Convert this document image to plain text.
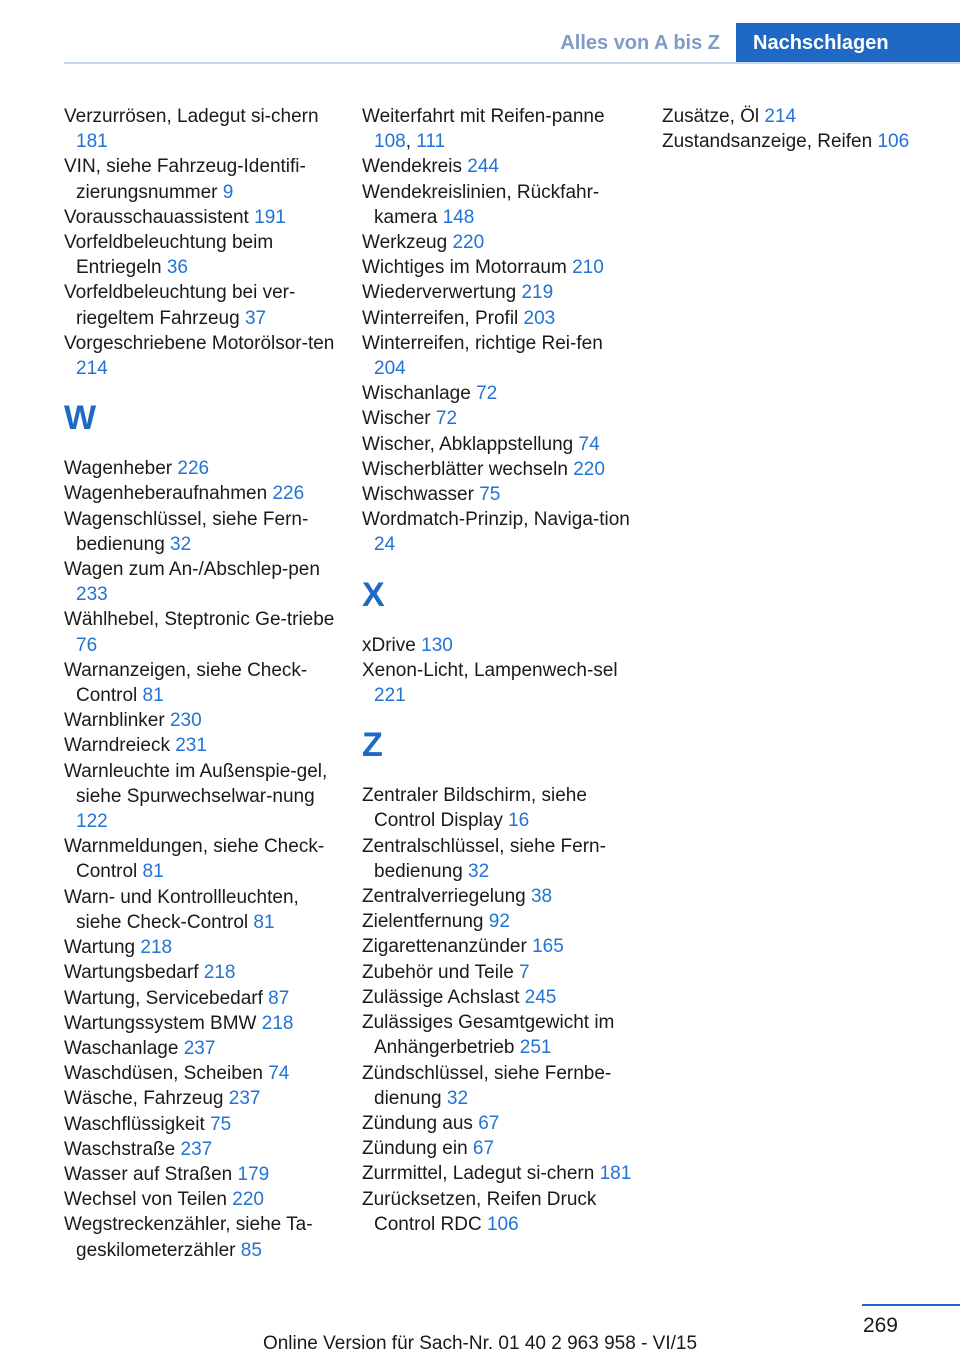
Alles von A bis Z	Nachschlagen
Verzurrösen, Ladegut si-chern 181
VIN, siehe Fahrzeug-Identifi-zierungsnummer 9
Vorausschauassistent 191
Vorfeldbeleuchtung beim Entriegeln 36
Vorfeldbeleuchtung bei ver-riegeltem Fahrzeug 37
Vorgeschriebene Motorölsor-ten 214
W
Wagenheber 226
Wagenheberaufnahmen 226
Wagenschlüssel, siehe Fern-bedienung 32
Wagen zum An-/Abschlep-pen 233
Wählhebel, Steptronic Ge-triebe 76
Warnanzeigen, siehe Check-Control 81
Warnblinker 230
Warndreieck 231
Warnleuchte im Außenspie-gel, siehe Spurwechselwar-nung 122
Warnmeldungen, siehe Check-Control 81
Warn- und Kontrollleuchten, siehe Check-Control 81
Wartung 218
Wartungsbedarf 218
Wartung, Servicebedarf 87
Wartungssystem BMW 218
Waschanlage 237
Waschdüsen, Scheiben 74
Wäsche, Fahrzeug 237
Waschflüssigkeit 75
Waschstraße 237
Wasser auf Straßen 179
Wechsel von Teilen 220
Wegstreckenzähler, siehe Ta-geskilometerzähler 85
Weiterfahrt mit Reifen-panne 108, 111
Wendekreis 244
Wendekreislinien, Rückfahr-kamera 148
Werkzeug 220
Wichtiges im Motorraum 210
Wiederverwertung 219
Winterreifen, Profil 203
Winterreifen, richtige Rei-fen 204
Wischanlage 72
Wischer 72
Wischer, Abklappstellung 74
Wischerblätter wechseln 220
Wischwasser 75
Wordmatch-Prinzip, Naviga-tion 24
X
xDrive 130
Xenon-Licht, Lampenwech-sel 221
Z
Zentraler Bildschirm, siehe Control Display 16
Zentralschlüssel, siehe Fern-bedienung 32
Zentralverriegelung 38
Zielentfernung 92
Zigarettenanzünder 165
Zubehör und Teile 7
Zulässige Achslast 245
Zulässiges Gesamtgewicht im Anhängerbetrieb 251
Zündschlüssel, siehe Fernbe-dienung 32
Zündung aus 67
Zündung ein 67
Zurrmittel, Ladegut si-chern 181
Zurücksetzen, Reifen Druck Control RDC 106
Zusätze, Öl 214
Zustandsanzeige, Reifen 106
269
Online Version für Sach-Nr. 01 40 2 963 958 - VI/15
